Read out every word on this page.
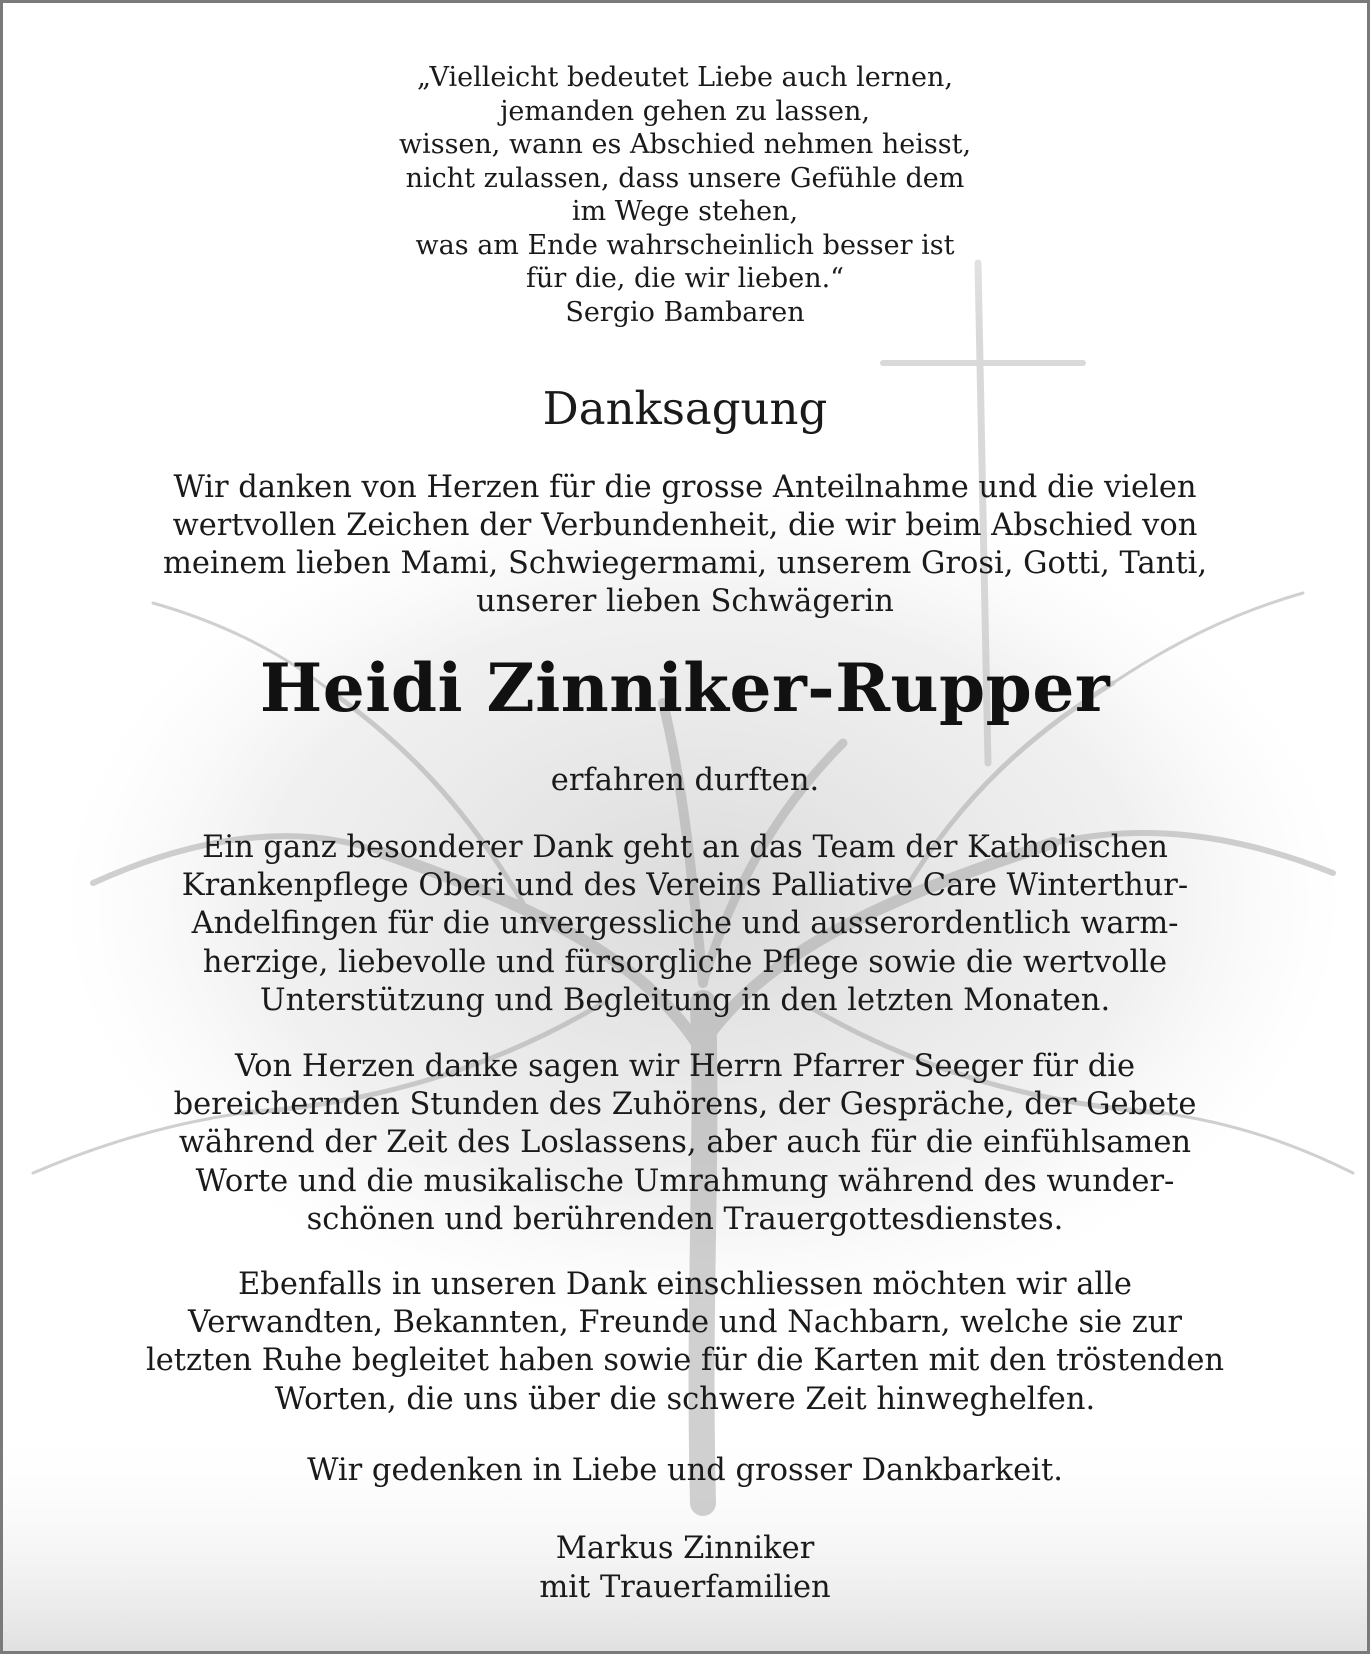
„Vielleicht bedeutet Liebe auch lernen,
jemanden gehen zu lassen,
wissen, wann es Abschied nehmen heisst,
nicht zulassen, dass unsere Gefühle dem
im Wege stehen,
was am Ende wahrscheinlich besser ist
für die, die wir lieben.“
Sergio Bambaren
Danksagung
Wir danken von Herzen für die grosse Anteilnahme und die vielen
wertvollen Zeichen der Verbundenheit, die wir beim Abschied von
meinem lieben Mami, Schwiegermami, unserem Grosi, Gotti, Tanti,
unserer lieben Schwägerin
Heidi Zinniker-Rupper
erfahren durften.
Ein ganz besonderer Dank geht an das Team der Katholischen
Krankenpflege Oberi und des Vereins Palliative Care Winterthur-
Andelfingen für die unvergessliche und ausserordentlich warm-
herzige, liebevolle und fürsorgliche Pflege sowie die wertvolle
Unterstützung und Begleitung in den letzten Monaten.
Von Herzen danke sagen wir Herrn Pfarrer Seeger für die
bereichernden Stunden des Zuhörens, der Gespräche, der Gebete
während der Zeit des Loslassens, aber auch für die einfühlsamen
Worte und die musikalische Umrahmung während des wunder-
schönen und berührenden Trauergottesdienstes.
Ebenfalls in unseren Dank einschliessen möchten wir alle
Verwandten, Bekannten, Freunde und Nachbarn, welche sie zur
letzten Ruhe begleitet haben sowie für die Karten mit den tröstenden
Worten, die uns über die schwere Zeit hinweghelfen.
Wir gedenken in Liebe und grosser Dankbarkeit.
Markus Zinniker
mit Trauerfamilien
